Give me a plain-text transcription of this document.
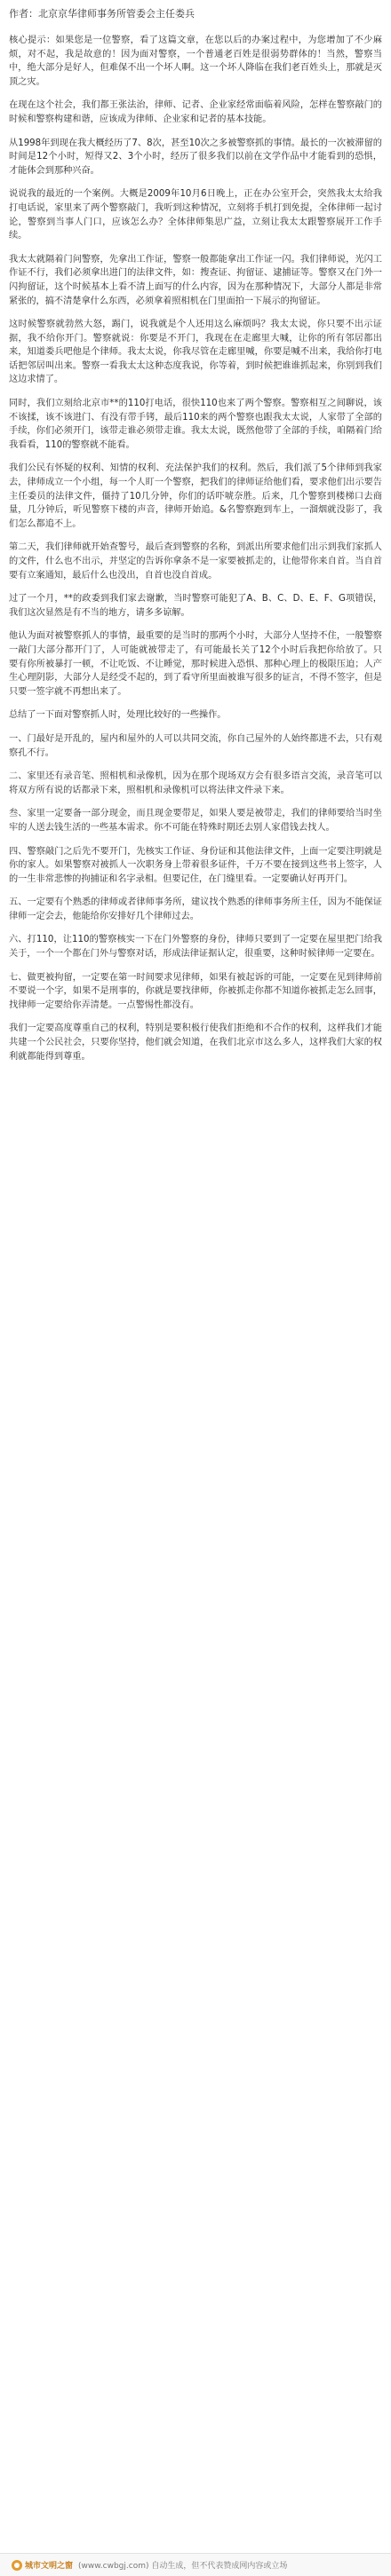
作者：北京京华律师事务所管委会主任娄兵
核心提示：如果您是一位警察，看了这篇文章，在您以后的办案过程中，为您增加了不少麻烦，对不起，我是故意的！因为面对警察，一个普通老百姓是很弱势群体的！当然，警察当中，绝大部分是好人，但难保不出一个坏人啊。这一个坏人降临在我们老百姓头上，那就是灭顶之灾。
在现在这个社会，我们都王张法治，律师、记者、企业家经常面临着风险，怎样在警察敲门的时候和警察构建和谐，应该成为律师、企业家和记者的基本技能。
从1998年到现在我大概经历了7、8次，甚至10次之多被警察抓的事情。最长的一次被滞留的时间是12个小时，短得又2、3个小时，经历了很多我们以前在文学作品中才能看到的恐惧，才能体会到那种兴奋。
说说我的最近的一个案例。大概是2009年10月6日晚上，正在办公室开会，突然我太太给我打电话说，家里来了两个警察敲门，我听到这种情况，立刻将手机打到免提，全体律师一起讨论，警察到当事人门口，应该怎么办？全体律师集思广益，立刻让我太太跟警察展开工作手续。
我太太就隔着门问警察，先拿出工作证，警察一般都能拿出工作证一闪。我们律师说，光闪工作证不行，我们必须拿出进门的法律文件，如：搜查证、拘留证、逮捕证等。警察又在门外一闪拘留证，这个时候基本上看不清上面写的什么内容，因为在那种情况下，大部分人都是非常紧张的，搞不清楚拿什么东西，必须拿着照相机在门里面拍一下展示的拘留证。
这时候警察就勃然大怒，踢门，说我就是个人还用这么麻烦吗？我太太说，你只要不出示证据，我不给你开门。警察就说：你要是不开门，我现在在走廊里大喊，让你的所有邻居都出来，知道娄兵吧他是个律师。我太太说，你我尽管在走廊里喊，你要是喊不出来，我给你打电话把邻居叫出来。警察一看我太太这种态度我说，你等着，到时候把谁谁抓起来，你别到我们这边求情了。
同时，我们立刻给北京市**的110打电话，很快110也来了两个警察。警察相互之间聊说，该不该揉，该不该进门、有没有带手铐，最后110来的两个警察也跟我太太说，人家带了全部的手续，你们必须开门，该带走谁必须带走谁。我太太说，既然他带了全部的手续，咱隔着门给我看看，110的警察就不能看。
我们公民有怀疑的权利、知情的权利、充法保护我们的权利。然后，我们派了5个律师到我家去，律师成立一个小组，每一个人盯一个警察，把我们的律师证给他们看，要求他们出示要告主任委员的法律文件，僵持了10几分钟，你们的话吓唬奈胜。后来，几个警察到楼梯口去商量，几分钟后，听见警察下楼的声音，律师开始追。&名警察跑到车上，一溜烟就没影了，我们怎么都追不上。
第二天，我们律师就开始查警号，最后查到警察的名称，到派出所要求他们出示到我们家抓人的文件，什么也不出示，并坚定的告诉你拿条不是一家要被抓走的，让他带你来自首。当自首要有立案通知，最后什么也没出，自首也没自首成。
过了一个月，**的政委到我们家去谢歉，当时警察可能犯了A、B、C、D、E、F、G项错误，我们这次显然是有不当的地方，请多多谅解。
他认为面对被警察抓人的事情，最重要的是当时的那两个小时，大部分人坚持不住，一般警察一敲门大部分都开门了，人可能就被带走了，有可能最长关了12个小时后我把你给放了。只要有你所被暴打一顿，不让吃饭、不让睡觉，那时候进入恐惧、那种心理上的极限压迫；人产生心理阴影，大部分人是经受不起的，到了看守所里面被谁写很多的证言，不得不签字，但是只要一签字就不再想出来了。
总结了一下面对警察抓人时，处理比较好的一些操作。
一、门最好是开乱的，屋内和屋外的人可以共同交流，你自己屋外的人始终都进不去，只有观察孔不行。
二、家里还有录音笔、照相机和录像机，因为在那个现场双方会有很多语言交流，录音笔可以将双方所有说的话都录下来，照相机和录像机可以将法律文件录下来。
叁、家里一定要备一部分现金，而且现金要带足，如果人要是被带走，我们的律师要给当时坐牢的人送去钱生活的一些基本需求。你不可能在特殊时期还去别人家借钱去找人。
四、警察敲门之后先不要开门，先核实工作证、身份证和其他法律文件，上面一定要注明就是你的家人。如果警察对被抓人一次职务身上带着很多证件，千万不要在接到这些书上签字，人的一生非常悲惨的拘捕证和名字录相。但要记住，在门缝里看。一定要确认好再开门。
五、一定要有个熟悉的律师或者律师事务所，建议找个熟悉的律师事务所主任，因为不能保证律师一定会去，他能给你安排好几个律师过去。
六、打110，让110的警察核实一下在门外警察的身份，律师只要到了一定要在屋里把门给我关于，一个一个都在门外与警察对话，形成法律证据认定，很重要，这种时候律师一定要在。
七、做更被拘留，一定要在第一时间要求见律师，如果有被起诉的可能，一定要在见到律师前不要说一个字，如果不是刑事的，你就是要找律师，你被抓走你都不知道你被抓走怎么回事，找律师一定要给你弄清楚。一点警惕性都没有。
我们一定要高度尊重自己的权利，特别是要积极行使我们拒绝和不合作的权利，这样我们才能共建一个公民社会，只要你坚持，他们就会知道，在我们北京市这么多人，这样我们大家的权利就都能得到尊重。
城市文明之窗 (www.cwbgj.com) 自动生成，但不代表赞成网内容或立场
